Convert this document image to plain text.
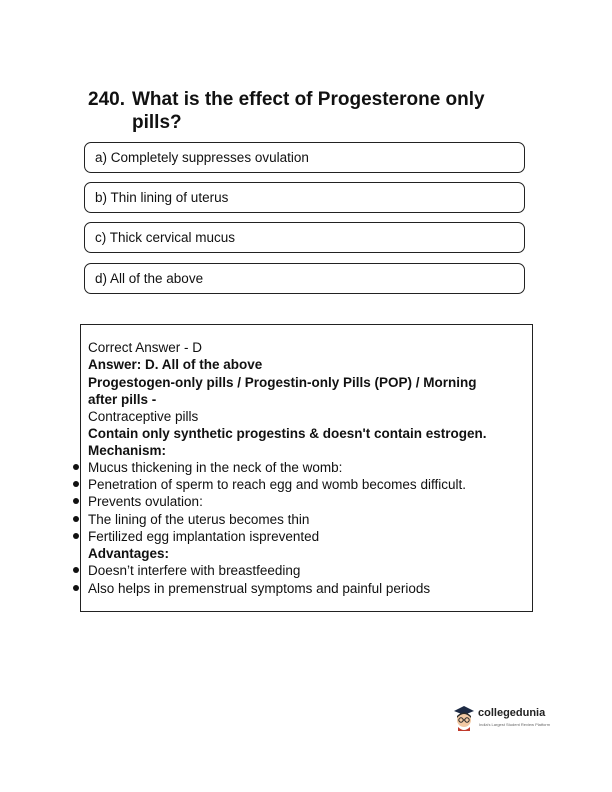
240. What is the effect of Progesterone only
pills?
a) Completely suppresses ovulation
b) Thin lining of uterus
c) Thick cervical mucus
d) All of the above
Correct Answer - D
Answer: D. All of the above
Progestogen-only pills / Progestin-only Pills (POP) / Morning
after pills -
Contraceptive pills
Contain only synthetic progestins & doesn't contain estrogen.
Mechanism:
Mucus thickening in the neck of the womb:
Penetration of sperm to reach egg and womb becomes difficult.
Prevents ovulation:
The lining of the uterus becomes thin
Fertilized egg implantation isprevented
Advantages:
Doesn’t interfere with breastfeeding
Also helps in premenstrual symptoms and painful periods
collegedunia
India's Largest Student Review Platform
